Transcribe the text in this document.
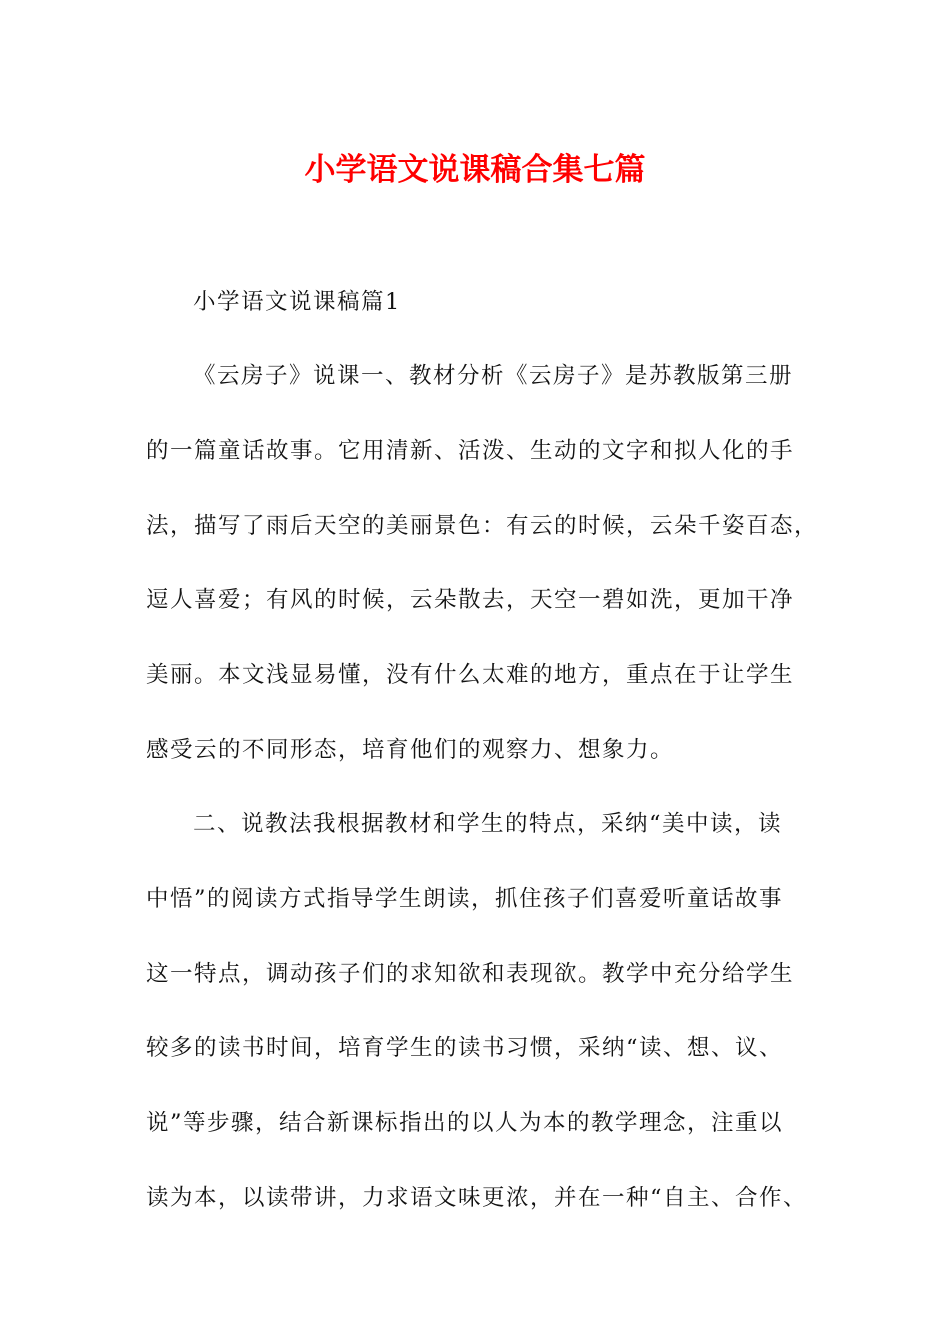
小学语文说课稿合集七篇
小学语文说课稿篇1
《云房子》说课一、教材分析《云房子》是苏教版第三册
的一篇童话故事。它用清新、活泼、生动的文字和拟人化的手
法，描写了雨后天空的美丽景色：有云的时候，云朵千姿百态，
逗人喜爱；有风的时候，云朵散去，天空一碧如洗，更加干净
美丽。本文浅显易懂，没有什么太难的地方，重点在于让学生
感受云的不同形态，培育他们的观察力、想象力。
二、说教法我根据教材和学生的特点，采纳“美中读，读
中悟”的阅读方式指导学生朗读，抓住孩子们喜爱听童话故事
这一特点，调动孩子们的求知欲和表现欲。教学中充分给学生
较多的读书时间，培育学生的读书习惯，采纳“读、想、议、
说”等步骤，结合新课标指出的以人为本的教学理念，注重以
读为本，以读带讲，力求语文味更浓，并在一种“自主、合作、
